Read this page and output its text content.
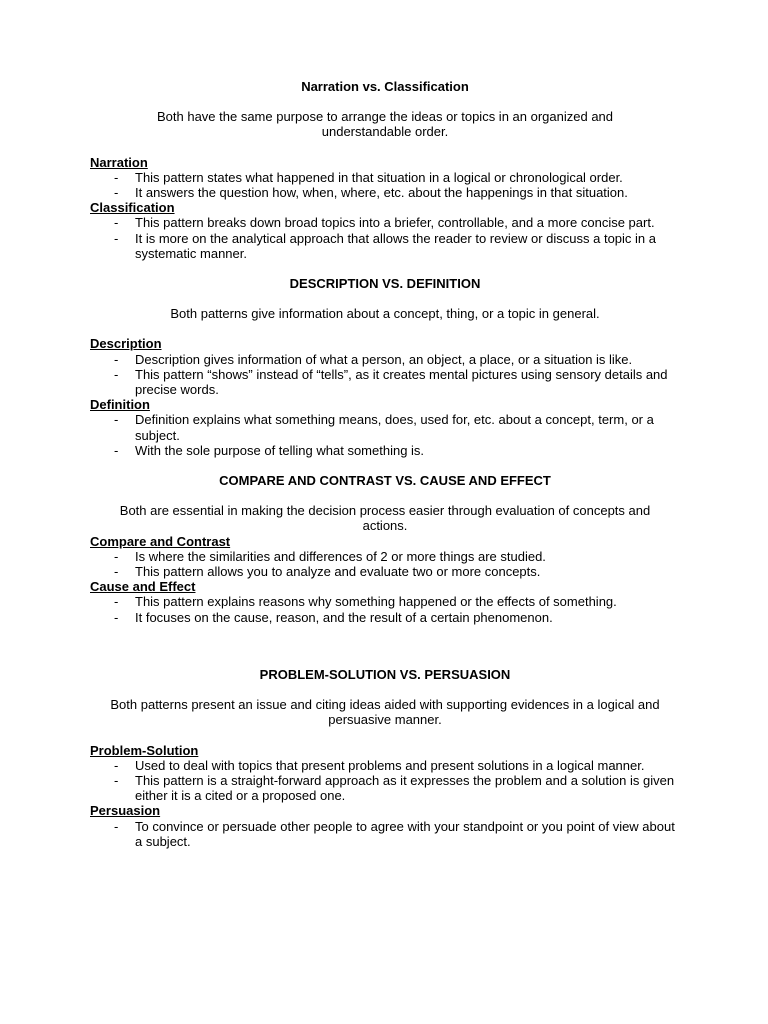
Narration vs. Classification

Both have the same purpose to arrange the ideas or topics in an organized and understandable order.

Narration

- This pattern states what happened in that situation in a logical or chronological order.
- It answers the question how, when, where, etc. about the happenings in that situation.

Classification

- This pattern breaks down broad topics into a briefer, controllable, and a more concise part.
- It is more on the analytical approach that allows the reader to review or discuss a topic in a systematic manner.

DESCRIPTION VS. DEFINITION

Both patterns give information about a concept, thing, or a topic in general.

Description

- Description gives information of what a person, an object, a place, or a situation is like.
- This pattern “shows” instead of “tells”, as it creates mental pictures using sensory details and precise words.

Definition

- Definition explains what something means, does, used for, etc. about a concept, term, or a subject.
- With the sole purpose of telling what something is.

COMPARE AND CONTRAST VS. CAUSE AND EFFECT

Both are essential in making the decision process easier through evaluation of concepts and actions.

Compare and Contrast

- Is where the similarities and differences of 2 or more things are studied.
- This pattern allows you to analyze and evaluate two or more concepts.

Cause and Effect

- This pattern explains reasons why something happened or the effects of something.
- It focuses on the cause, reason, and the result of a certain phenomenon.

PROBLEM-SOLUTION VS. PERSUASION

Both patterns present an issue and citing ideas aided with supporting evidences in a logical and persuasive manner.

Problem-Solution

- Used to deal with topics that present problems and present solutions in a logical manner.
- This pattern is a straight-forward approach as it expresses the problem and a solution is given either it is a cited or a proposed one.

Persuasion

- To convince or persuade other people to agree with your standpoint or you point of view about a subject.
